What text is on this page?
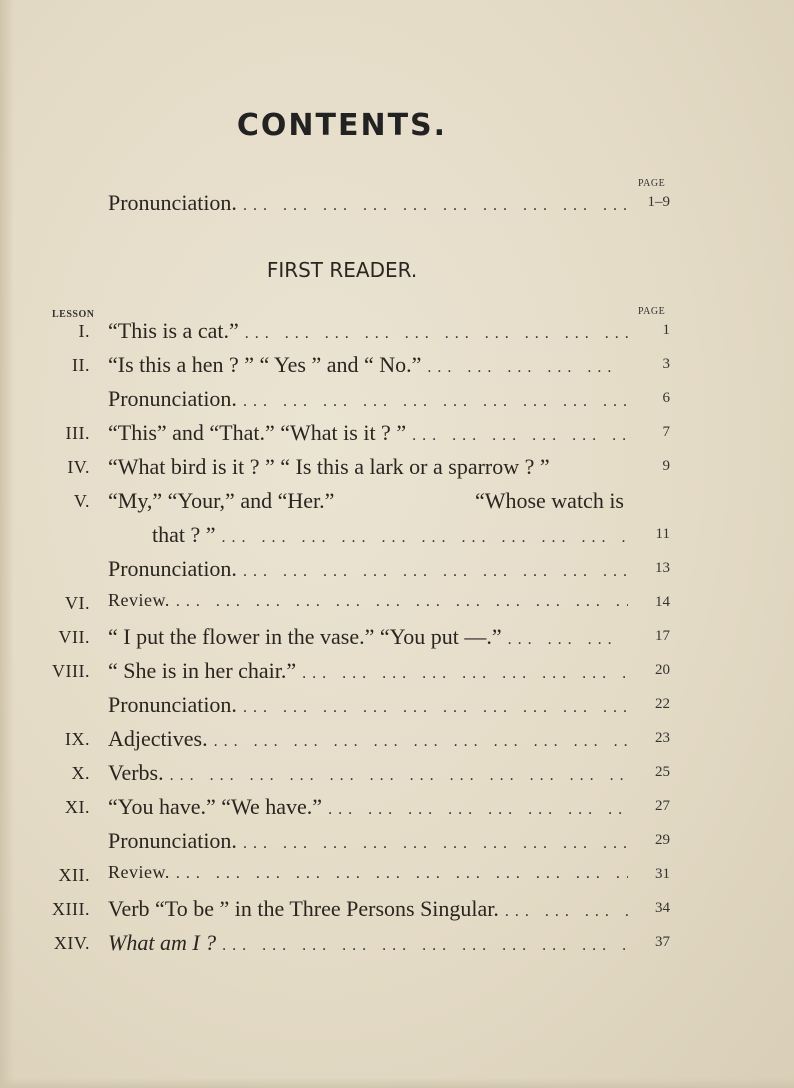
CONTENTS.
PAGE
Pronunciation. ... .	1–9
FIRST READER.
LESSON	PAGE
I. “This is a cat.” ... .	1
II. “Is this a hen ? ” “ Yes ” and “ No.” ... .	3
Pronunciation. ... .	6
III. “This” and “That.” “What is it ? ” ... .	7
IV. “What bird is it ? ” “ Is this a lark or a sparrow ? ”	9
V. “My,” “Your,” and “Her.”	“Whose watch is
that ? ” ... .	11
Pronunciation. ... .	13
VI. Review. ... .	14
VII. “ I put the flower in the vase.” “You put —.” ... .	17
VIII. “ She is in her chair.” ... .	20
Pronunciation. ... .	22
IX. Adjectives. ... .	23
X. Verbs. ... .	25
XI. “You have.” “We have.” ... .	27
Pronunciation. ... .	29
XII. Review. ... .	31
XIII. Verb “To be ” in the Three Persons Singular. ... .	34
XIV. What am I ? ... .	37
